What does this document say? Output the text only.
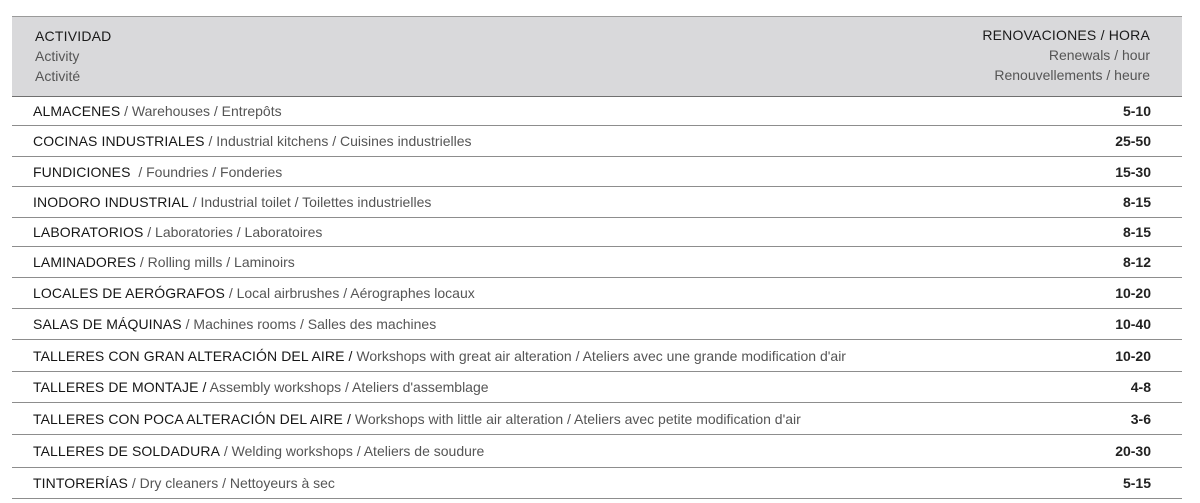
ACTIVIDAD
Activity
Activité
RENOVACIONES / HORA
Renewals / hour
Renouvellements / heure
ALMACENES / Warehouses / Entrepôts	5-10
COCINAS INDUSTRIALES / Industrial kitchens / Cuisines industrielles	25-50
FUNDICIONES / Foundries / Fonderies	15-30
INODORO INDUSTRIAL / Industrial toilet / Toilettes industrielles	8-15
LABORATORIOS / Laboratories / Laboratoires	8-15
LAMINADORES / Rolling mills / Laminoirs	8-12
LOCALES DE AERÓGRAFOS / Local airbrushes / Aérographes locaux	10-20
SALAS DE MÁQUINAS / Machines rooms / Salles des machines	10-40
TALLERES CON GRAN ALTERACIÓN DEL AIRE / Workshops with great air alteration / Ateliers avec une grande modification d'air	10-20
TALLERES DE MONTAJE / Assembly workshops / Ateliers d'assemblage	4-8
TALLERES CON POCA ALTERACIÓN DEL AIRE / Workshops with little air alteration / Ateliers avec petite modification d'air	3-6
TALLERES DE SOLDADURA / Welding workshops / Ateliers de soudure	20-30
TINTORERÍAS / Dry cleaners / Nettoyeurs à sec	5-15
